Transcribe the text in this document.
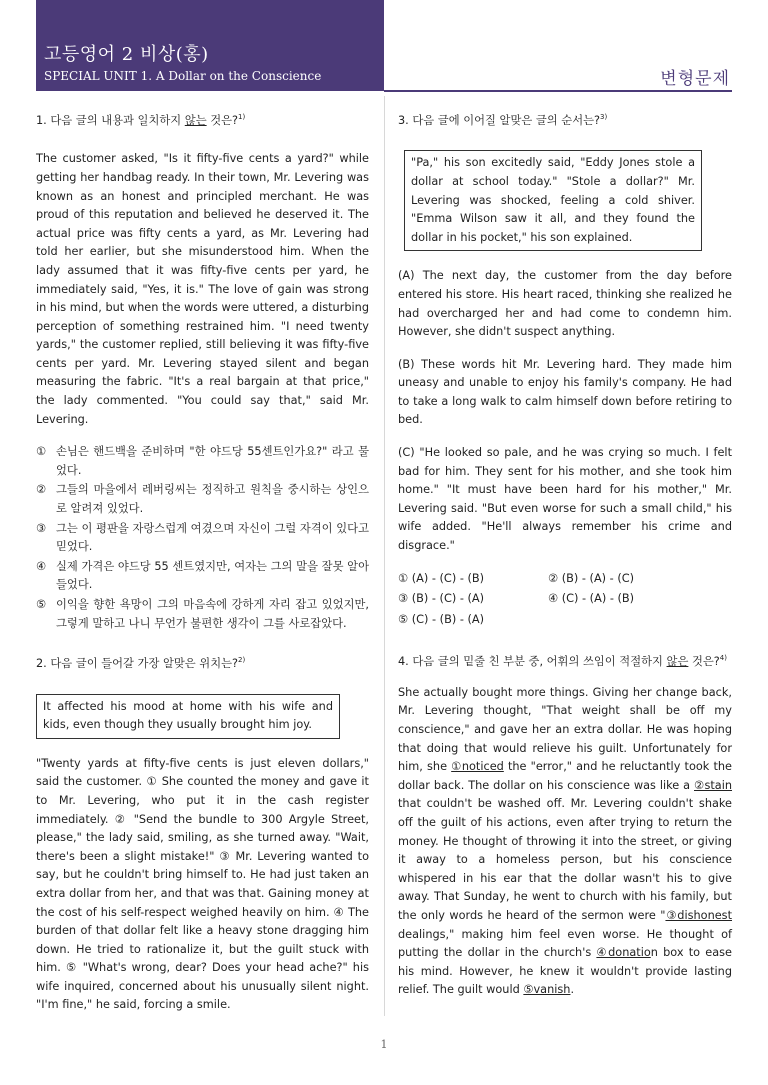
고등영어 2 비상(홍)
SPECIAL UNIT 1. A Dollar on the Conscience	변형문제
1. 다음 글의 내용과 일치하지 않는 것은?$^{1)}$
The customer asked, "Is it fifty-five cents a yard?" while getting her handbag ready. In their town, Mr. Levering was known as an honest and principled merchant. He was proud of this reputation and believed he deserved it. The actual price was fifty cents a yard, as Mr. Levering had told her earlier, but she misunderstood him. When the lady assumed that it was fifty-five cents per yard, he immediately said, "Yes, it is." The love of gain was strong in his mind, but when the words were uttered, a disturbing perception of something restrained him. "I need twenty yards," the customer replied, still believing it was fifty-five cents per yard. Mr. Levering stayed silent and began measuring the fabric. "It's a real bargain at that price," the lady commented. "You could say that," said Mr. Levering.
① 손님은 핸드백을 준비하며 "한 야드당 55센트인가요?" 라고 물었다.
② 그들의 마을에서 레버링씨는 정직하고 원칙을 중시하는 상인으로 알려져 있었다.
③ 그는 이 평판을 자랑스럽게 여겼으며 자신이 그럴 자격이 있다고 믿었다.
④ 실제 가격은 야드당 55 센트였지만, 여자는 그의 말을 잘못 알아들었다.
⑤ 이익을 향한 욕망이 그의 마음속에 강하게 자리 잡고 있었지만, 그렇게 말하고 나니 무언가 불편한 생각이 그를 사로잡았다.
2. 다음 글이 들어갈 가장 알맞은 위치는?$^{2)}$
It affected his mood at home with his wife and kids, even though they usually brought him joy.
"Twenty yards at fifty-five cents is just eleven dollars," said the customer. ① She counted the money and gave it to Mr. Levering, who put it in the cash register immediately. ② "Send the bundle to 300 Argyle Street, please," the lady said, smiling, as she turned away. "Wait, there's been a slight mistake!" ③ Mr. Levering wanted to say, but he couldn't bring himself to. He had just taken an extra dollar from her, and that was that. Gaining money at the cost of his self-respect weighed heavily on him. ④ The burden of that dollar felt like a heavy stone dragging him down. He tried to rationalize it, but the guilt stuck with him. ⑤ "What's wrong, dear? Does your head ache?" his wife inquired, concerned about his unusually silent night. "I'm fine," he said, forcing a smile.
3. 다음 글에 이어질 알맞은 글의 순서는?$^{3)}$
"Pa," his son excitedly said, "Eddy Jones stole a dollar at school today." "Stole a dollar?" Mr. Levering was shocked, feeling a cold shiver. "Emma Wilson saw it all, and they found the dollar in his pocket," his son explained.
(A) The next day, the customer from the day before entered his store. His heart raced, thinking she realized he had overcharged her and had come to condemn him. However, she didn't suspect anything.
(B) These words hit Mr. Levering hard. They made him uneasy and unable to enjoy his family's company. He had to take a long walk to calm himself down before retiring to bed.
(C) "He looked so pale, and he was crying so much. I felt bad for him. They sent for his mother, and she took him home." "It must have been hard for his mother," Mr. Levering said. "But even worse for such a small child," his wife added. "He'll always remember his crime and disgrace."
① (A) - (C) - (B)	② (B) - (A) - (C)
③ (B) - (C) - (A)	④ (C) - (A) - (B)
⑤ (C) - (B) - (A)
4. 다음 글의 밑줄 친 부분 중, 어휘의 쓰임이 적절하지 않은 것은?$^{4)}$
She actually bought more things. Giving her change back, Mr. Levering thought, "That weight shall be off my conscience," and gave her an extra dollar. He was hoping that doing that would relieve his guilt. Unfortunately for him, she ①noticed the "error," and he reluctantly took the dollar back. The dollar on his conscience was like a ②stain that couldn't be washed off. Mr. Levering couldn't shake off the guilt of his actions, even after trying to return the money. He thought of throwing it into the street, or giving it away to a homeless person, but his conscience whispered in his ear that the dollar wasn't his to give away. That Sunday, he went to church with his family, but the only words he heard of the sermon were "③dishonest dealings," making him feel even worse. He thought of putting the dollar in the church's ④donation box to ease his mind. However, he knew it wouldn't provide lasting relief. The guilt would ⑤vanish.
1
